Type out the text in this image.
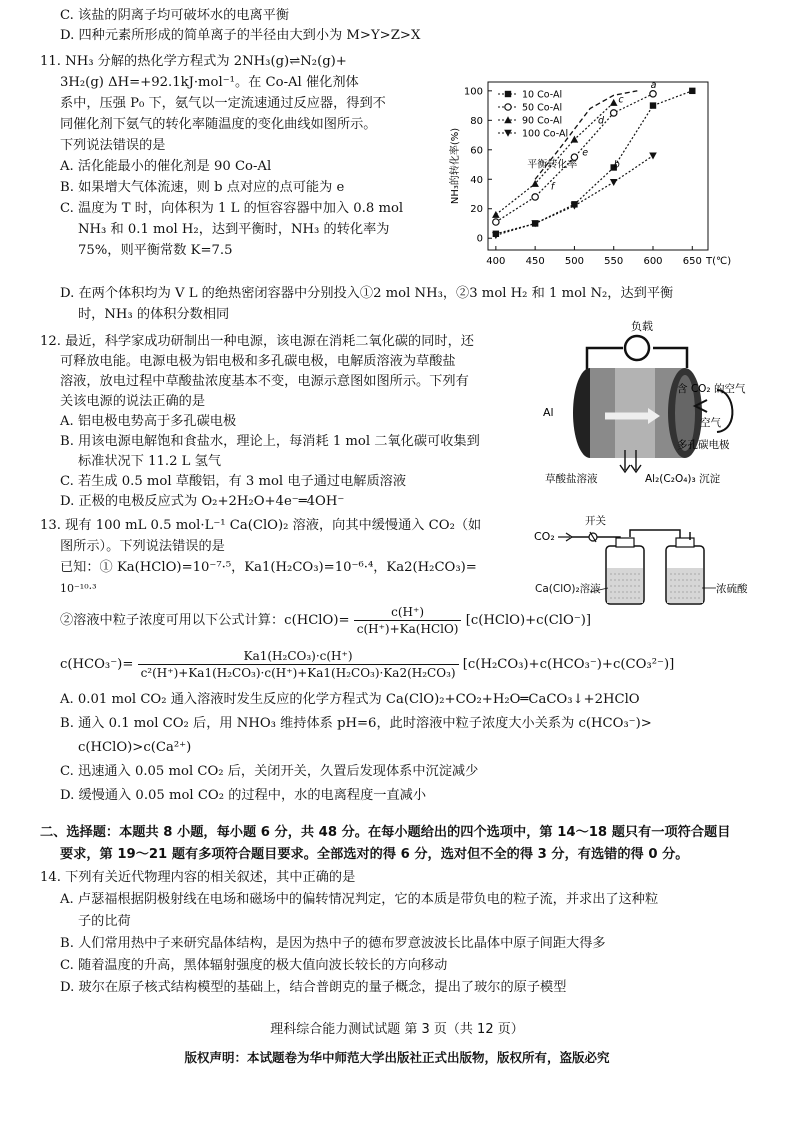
C. 该盐的阴离子均可破坏水的电离平衡
D. 四种元素所形成的简单离子的半径由大到小为 M>Y>Z>X
11. NH₃ 分解的热化学方程式为 2NH₃(g)⇌N₂(g)+
3H₂(g) ΔH=+92.1kJ·mol⁻¹。在 Co-Al 催化剂体
系中，压强 P₀ 下，氨气以一定流速通过反应器，得到不
同催化剂下氨气的转化率随温度的变化曲线如图所示。
下列说法错误的是
A. 活化能最小的催化剂是 90 Co-Al
B. 如果增大气体流速，则 b 点对应的点可能为 e
C. 温度为 T 时，向体积为 1 L 的恒容容器中加入 0.8 mol
NH₃ 和 0.1 mol H₂，达到平衡时，NH₃ 的转化率为
75%，则平衡常数 K=7.5
D. 在两个体积均为 V L 的绝热密闭容器中分别投入①2 mol NH₃，②3 mol H₂ 和 1 mol N₂，达到平衡
时，NH₃ 的体积分数相同
400 450 500 550 600 650
0
20
40
60
80
100
T(℃)
NH₃的转化率(%)
10 Co-Al
50 Co-Al
90 Co-Al
100 Co-Al
a
c
d
b
e
f
平衡转化率
12. 最近，科学家成功研制出一种电源，该电源在消耗二氧化碳的同时，还
可释放电能。电源电极为铝电极和多孔碳电极，电解质溶液为草酸盐
溶液，放电过程中草酸盐浓度基本不变，电源示意图如图所示。下列有
关该电源的说法正确的是
A. 铝电极电势高于多孔碳电极
B. 用该电源电解饱和食盐水，理论上，每消耗 1 mol 二氧化碳可收集到
标准状况下 11.2 L 氢气
C. 若生成 0.5 mol 草酸铝，有 3 mol 电子通过电解质溶液
D. 正极的电极反应式为 O₂+2H₂O+4e⁻═4OH⁻
负载
Al
含 CO₂ 的空气
空气
多孔碳电极
草酸盐溶液	Al₂(C₂O₄)₃ 沉淀
13. 现有 100 mL 0.5 mol·L⁻¹ Ca(ClO)₂ 溶液，向其中缓慢通入 CO₂（如
图所示）。下列说法错误的是
已知：① Ka(HClO)=10⁻⁷·⁵，Ka1(H₂CO₃)=10⁻⁶·⁴，Ka2(H₂CO₃)=
10⁻¹⁰·³
②溶液中粒子浓度可用以下公式计算：c(HClO)= $\frac{c(H^+)}{\text{c(H⁺)+Ka(HClO)}}$ [c(HClO)+c(ClO⁻)]
$c(HCO_3^-)= \frac{\text{Ka1(H₂CO₃)·c(H⁺)}}{\text{c²(H⁺)+Ka1(H₂CO₃)·c(H⁺)+Ka1(H₂CO₃)·Ka2(H₂CO₃)}} [c(H_2CO_3)+c(HCO_3^-)+c(CO_3^{2-})]$
A. 0.01 mol CO₂ 通入溶液时发生反应的化学方程式为 Ca(ClO)₂+CO₂+H₂O═CaCO₃↓+2HClO
B. 通入 0.1 mol CO₂ 后，用 NHO₃ 维持体系 pH=6，此时溶液中粒子浓度大小关系为 c(HCO₃⁻)>
c(HClO)>c(Ca²⁺)
C. 迅速通入 0.05 mol CO₂ 后，关闭开关，久置后发现体系中沉淀减少
D. 缓慢通入 0.05 mol CO₂ 的过程中，水的电离程度一直减小
CO₂
开关
浓硫酸
Ca(ClO)₂溶液
二、选择题：本题共 8 小题，每小题 6 分，共 48 分。在每小题给出的四个选项中，第 14～18 题只有一项符合题目
要求，第 19～21 题有多项符合题目要求。全部选对的得 6 分，选对但不全的得 3 分，有选错的得 0 分。
14. 下列有关近代物理内容的相关叙述，其中正确的是
A. 卢瑟福根据阴极射线在电场和磁场中的偏转情况判定，它的本质是带负电的粒子流，并求出了这种粒
子的比荷
B. 人们常用热中子来研究晶体结构，是因为热中子的德布罗意波波长比晶体中原子间距大得多
C. 随着温度的升高，黑体辐射强度的极大值向波长较长的方向移动
D. 玻尔在原子核式结构模型的基础上，结合普朗克的量子概念，提出了玻尔的原子模型
理科综合能力测试试题 第 3 页（共 12 页）
版权声明：本试题卷为华中师范大学出版社正式出版物，版权所有，盗版必究
